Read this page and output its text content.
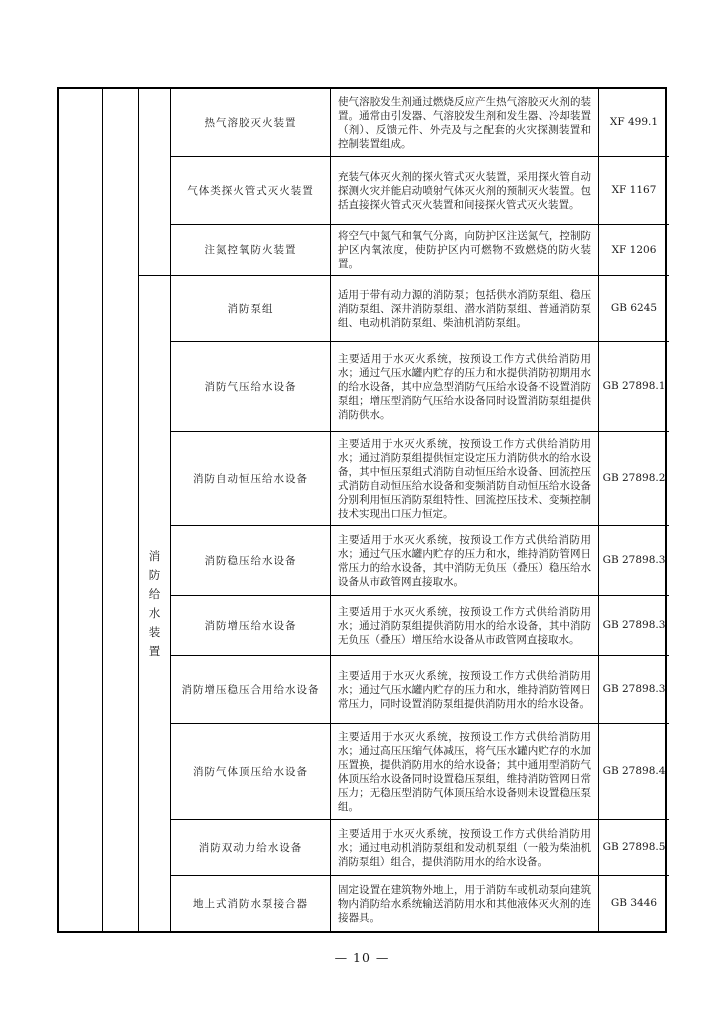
消防给水装置
热气溶胶灭火装置
使气溶胶发生剂通过燃烧反应产生热气溶胶灭火剂的装置。通常由引发器、气溶胶发生剂和发生器、冷却装置（剂）、反馈元件、外壳及与之配套的火灾探测装置和控制装置组成。
XF 499.1
气体类探火管式灭火装置
充装气体灭火剂的探火管式灭火装置，采用探火管自动探测火灾并能启动喷射气体灭火剂的预制灭火装置。包括直接探火管式灭火装置和间接探火管式灭火装置。
XF 1167
注氮控氧防火装置
将空气中氮气和氧气分离，向防护区注送氮气，控制防护区内氧浓度，使防护区内可燃物不致燃烧的防火装置。
XF 1206
消防泵组
适用于带有动力源的消防泵；包括供水消防泵组、稳压消防泵组、深井消防泵组、潜水消防泵组、普通消防泵组、电动机消防泵组、柴油机消防泵组。
GB 6245
消防气压给水设备
主要适用于水灭火系统，按预设工作方式供给消防用水；通过气压水罐内贮存的压力和水提供消防初期用水的给水设备，其中应急型消防气压给水设备不设置消防泵组；增压型消防气压给水设备同时设置消防泵组提供消防供水。
GB 27898.1
消防自动恒压给水设备
主要适用于水灭火系统，按预设工作方式供给消防用水；通过消防泵组提供恒定设定压力消防供水的给水设备，其中恒压泵组式消防自动恒压给水设备、回流控压式消防自动恒压给水设备和变频消防自动恒压给水设备分别利用恒压消防泵组特性、回流控压技术、变频控制技术实现出口压力恒定。
GB 27898.2
消防稳压给水设备
主要适用于水灭火系统，按预设工作方式供给消防用水；通过气压水罐内贮存的压力和水，维持消防管网日常压力的给水设备，其中消防无负压（叠压）稳压给水设备从市政管网直接取水。
GB 27898.3
消防增压给水设备
主要适用于水灭火系统，按预设工作方式供给消防用水；通过消防泵组提供消防用水的给水设备，其中消防无负压（叠压）增压给水设备从市政管网直接取水。
GB 27898.3
消防增压稳压合用给水设备
主要适用于水灭火系统，按预设工作方式供给消防用水；通过气压水罐内贮存的压力和水，维持消防管网日常压力，同时设置消防泵组提供消防用水的给水设备。
GB 27898.3
消防气体顶压给水设备
主要适用于水灭火系统，按预设工作方式供给消防用水；通过高压压缩气体减压，将气压水罐内贮存的水加压置换，提供消防用水的给水设备；其中通用型消防气体顶压给水设备同时设置稳压泵组，维持消防管网日常压力；无稳压型消防气体顶压给水设备则未设置稳压泵组。
GB 27898.4
消防双动力给水设备
主要适用于水灭火系统，按预设工作方式供给消防用水；通过电动机消防泵组和发动机泵组（一般为柴油机消防泵组）组合，提供消防用水的给水设备。
GB 27898.5
地上式消防水泵接合器
固定设置在建筑物外地上，用于消防车或机动泵向建筑物内消防给水系统输送消防用水和其他液体灭火剂的连接器具。
GB 3446
— 10 —
